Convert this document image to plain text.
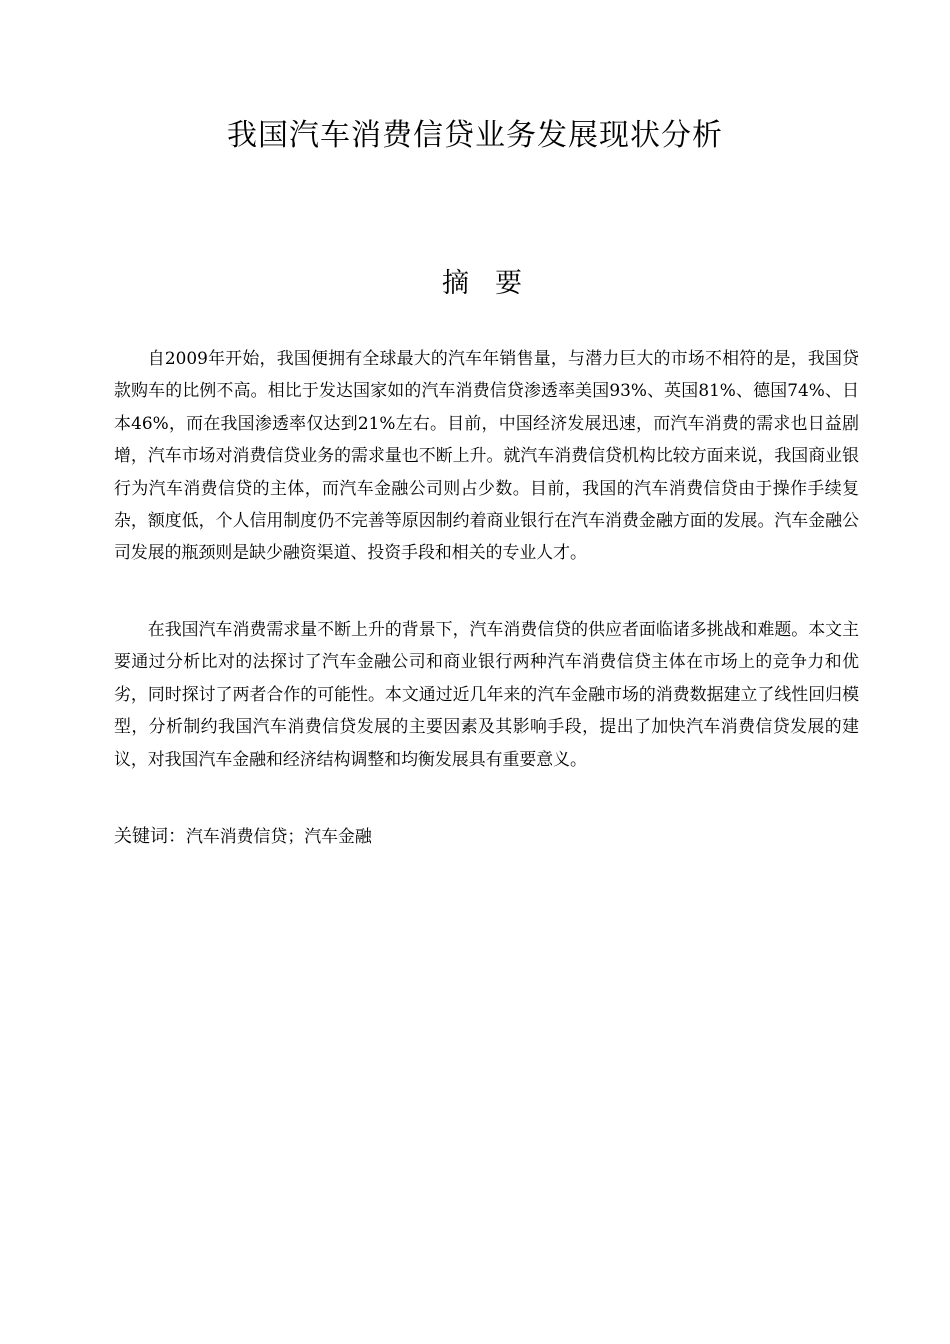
我国汽车消费信贷业务发展现状分析
摘要

自2009年开始，我国便拥有全球最大的汽车年销售量，与潜力巨大的市场不相符的是，我国贷款购车的比例不高。相比于发达国家如的汽车消费信贷渗透率美国93%、英国81%、德国74%、日本46%，而在我国渗透率仅达到21%左右。目前，中国经济发展迅速，而汽车消费的需求也日益剧增，汽车市场对消费信贷业务的需求量也不断上升。就汽车消费信贷机构比较方面来说，我国商业银行为汽车消费信贷的主体，而汽车金融公司则占少数。目前，我国的汽车消费信贷由于操作手续复杂，额度低，个人信用制度仍不完善等原因制约着商业银行在汽车消费金融方面的发展。汽车金融公司发展的瓶颈则是缺少融资渠道、投资手段和相关的专业人才。

在我国汽车消费需求量不断上升的背景下，汽车消费信贷的供应者面临诸多挑战和难题。本文主要通过分析比对的法探讨了汽车金融公司和商业银行两种汽车消费信贷主体在市场上的竞争力和优劣，同时探讨了两者合作的可能性。本文通过近几年来的汽车金融市场的消费数据建立了线性回归模型，分析制约我国汽车消费信贷发展的主要因素及其影响手段，提出了加快汽车消费信贷发展的建议，对我国汽车金融和经济结构调整和均衡发展具有重要意义。

关键词：汽车消费信贷；汽车金融
